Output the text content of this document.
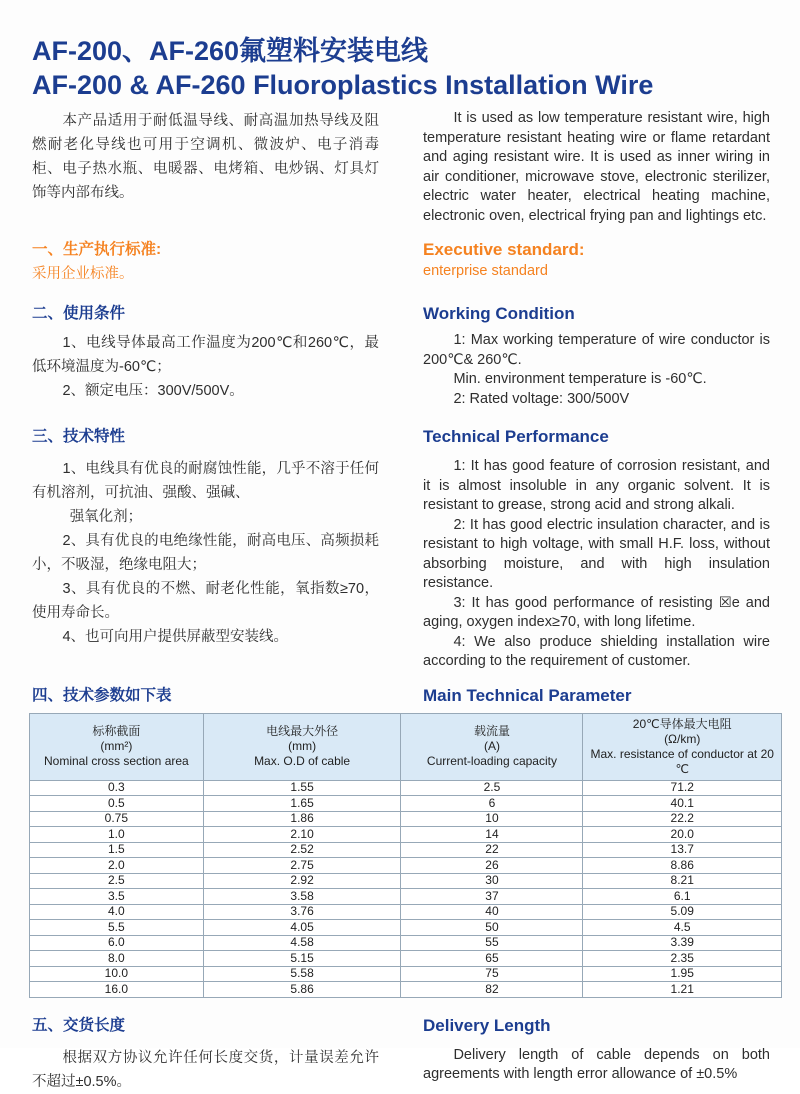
AF-200、AF-260氟塑料安装电线
AF-200 & AF-260 Fluoroplastics Installation Wire

本产品适用于耐低温导线、耐高温加热导线及阻燃耐老化导线也可用于空调机、微波炉、电子消毒柜、电子热水瓶、电暖器、电烤箱、电炒锅、灯具灯饰等内部布线。

It is used as low temperature resistant wire, high temperature resistant heating wire or flame retardant and aging resistant wire. It is used as inner wiring in air conditioner, microwave stove, electronic sterilizer, electric water heater, electrical heating machine, electronic oven, electrical frying pan and lightings etc.

一、生产执行标准:

采用企业标准。

Executive standard:

enterprise standard

二、使用条件

1、电线导体最高工作温度为200℃和260℃，最低环境温度为-60℃；

2、额定电压：300V/500V。

Working Condition

1: Max working temperature of wire conductor is 200℃& 260℃.

Min. environment temperature is -60℃.

2: Rated voltage: 300/500V

三、技术特性

1、电线具有优良的耐腐蚀性能，几乎不溶于任何有机溶剂，可抗油、强酸、强碱、

强氧化剂；

2、具有优良的电绝缘性能，耐高电压、高频损耗小，不吸湿，绝缘电阻大；

3、具有优良的不燃、耐老化性能，氧指数≥70，使用寿命长。

4、也可向用户提供屏蔽型安装线。

Technical Performance

1: It has good feature of corrosion resistant, and it is almost insoluble in any organic solvent. It is resistant to grease, strong acid and strong alkali.

2: It has good electric insulation character, and is resistant to high voltage, with small H.F. loss, without absorbing moisture, and with high insulation resistance.

3: It has good performance of resisting ☒e and aging, oxygen index≥70, with long lifetime.

4: We also produce shielding installation wire according to the requirement of customer.

四、技术参数如下表	Main Technical Parameter
标称截面
(mm²)
Nominal cross section area

电线最大外径
(mm)
Max. O.D of cable

载流量
(A)
Current-loading capacity

20℃导体最大电阻
(Ω/km)
Max. resistance of conductor at 20
℃

0.3	1.55	2.5	71.2
0.5	1.65	6	40.1
0.75	1.86	10	22.2
1.0	2.10	14	20.0
1.5	2.52	22	13.7
2.0	2.75	26	8.86
2.5	2.92	30	8.21
3.5	3.58	37	6.1
4.0	3.76	40	5.09
5.5	4.05	50	4.5
6.0	4.58	55	3.39
8.0	5.15	65	2.35
10.0	5.58	75	1.95
16.0	5.86	82	1.21
五、交货长度

根据双方协议允许任何长度交货，计量误差允许不超过±0.5%。

Delivery Length

Delivery length of cable depends on both agreements with length error allowance of ±0.5%
